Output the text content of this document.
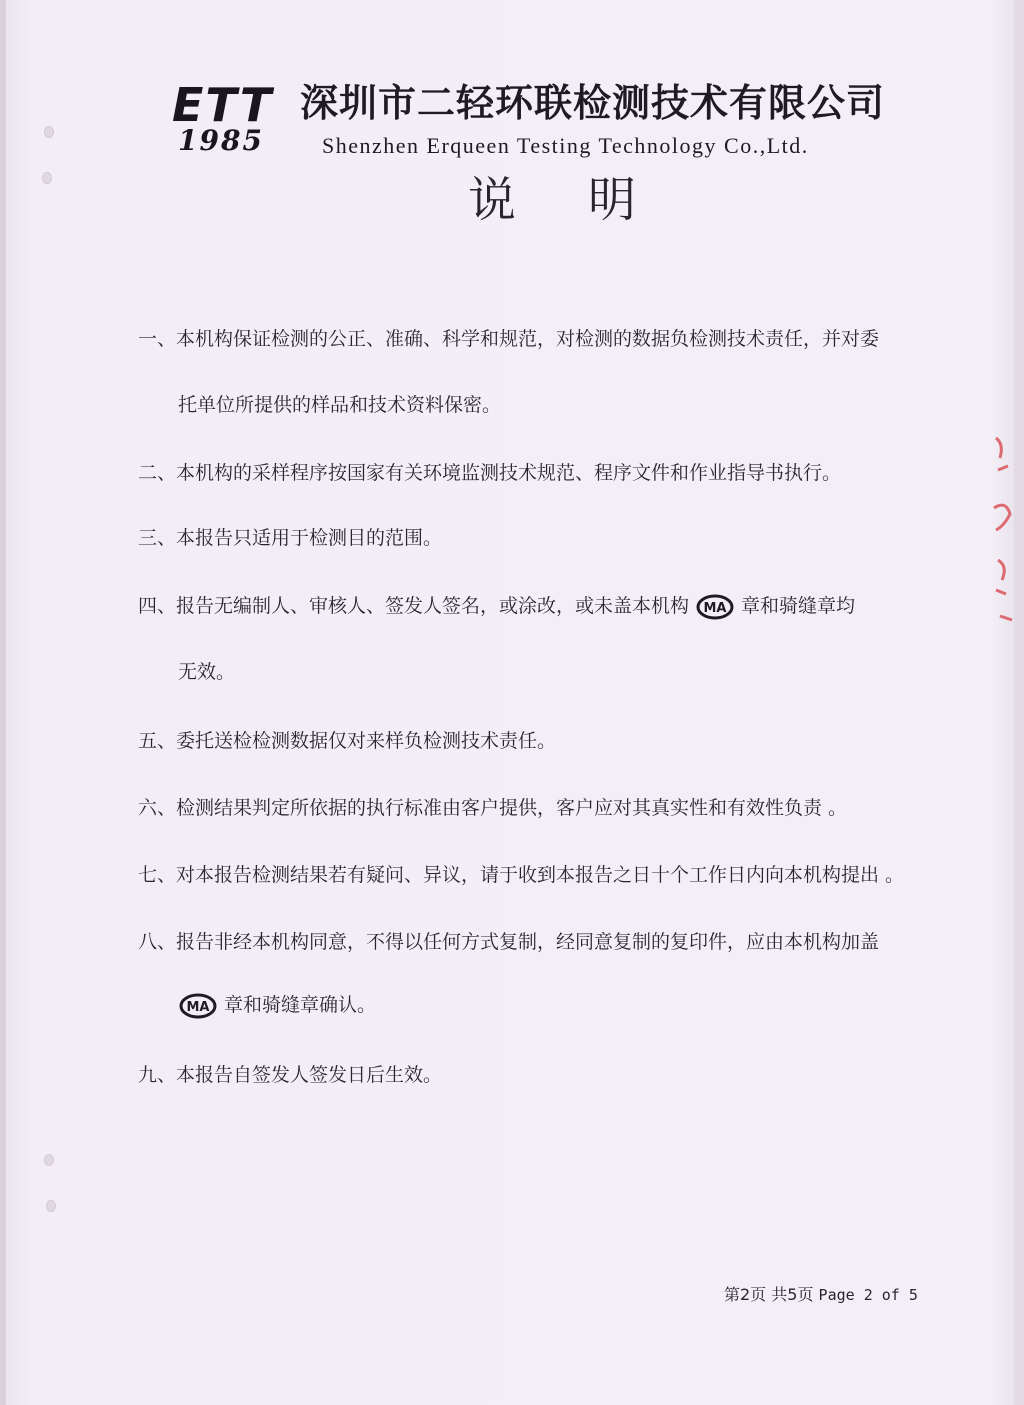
ETT
1985
深圳市二轻环联检测技术有限公司
Shenzhen Erqueen Testing Technology Co.,Ltd.
说明
一、本机构保证检测的公正、准确、科学和规范，对检测的数据负检测技术责任，并对委
托单位所提供的样品和技术资料保密。
二、本机构的采样程序按国家有关环境监测技术规范、程序文件和作业指导书执行。
三、本报告只适用于检测目的范围。
四、报告无编制人、审核人、签发人签名，或涂改，或未盖本机构 MA 章和骑缝章均
无效。
五、委托送检检测数据仅对来样负检测技术责任。
六、检测结果判定所依据的执行标准由客户提供，客户应对其真实性和有效性负责 。
七、对本报告检测结果若有疑问、异议，请于收到本报告之日十个工作日内向本机构提出 。
八、报告非经本机构同意，不得以任何方式复制，经同意复制的复印件，应由本机构加盖
MA 章和骑缝章确认。
九、本报告自签发人签发日后生效。
第2页 共5页 Page 2 of 5
